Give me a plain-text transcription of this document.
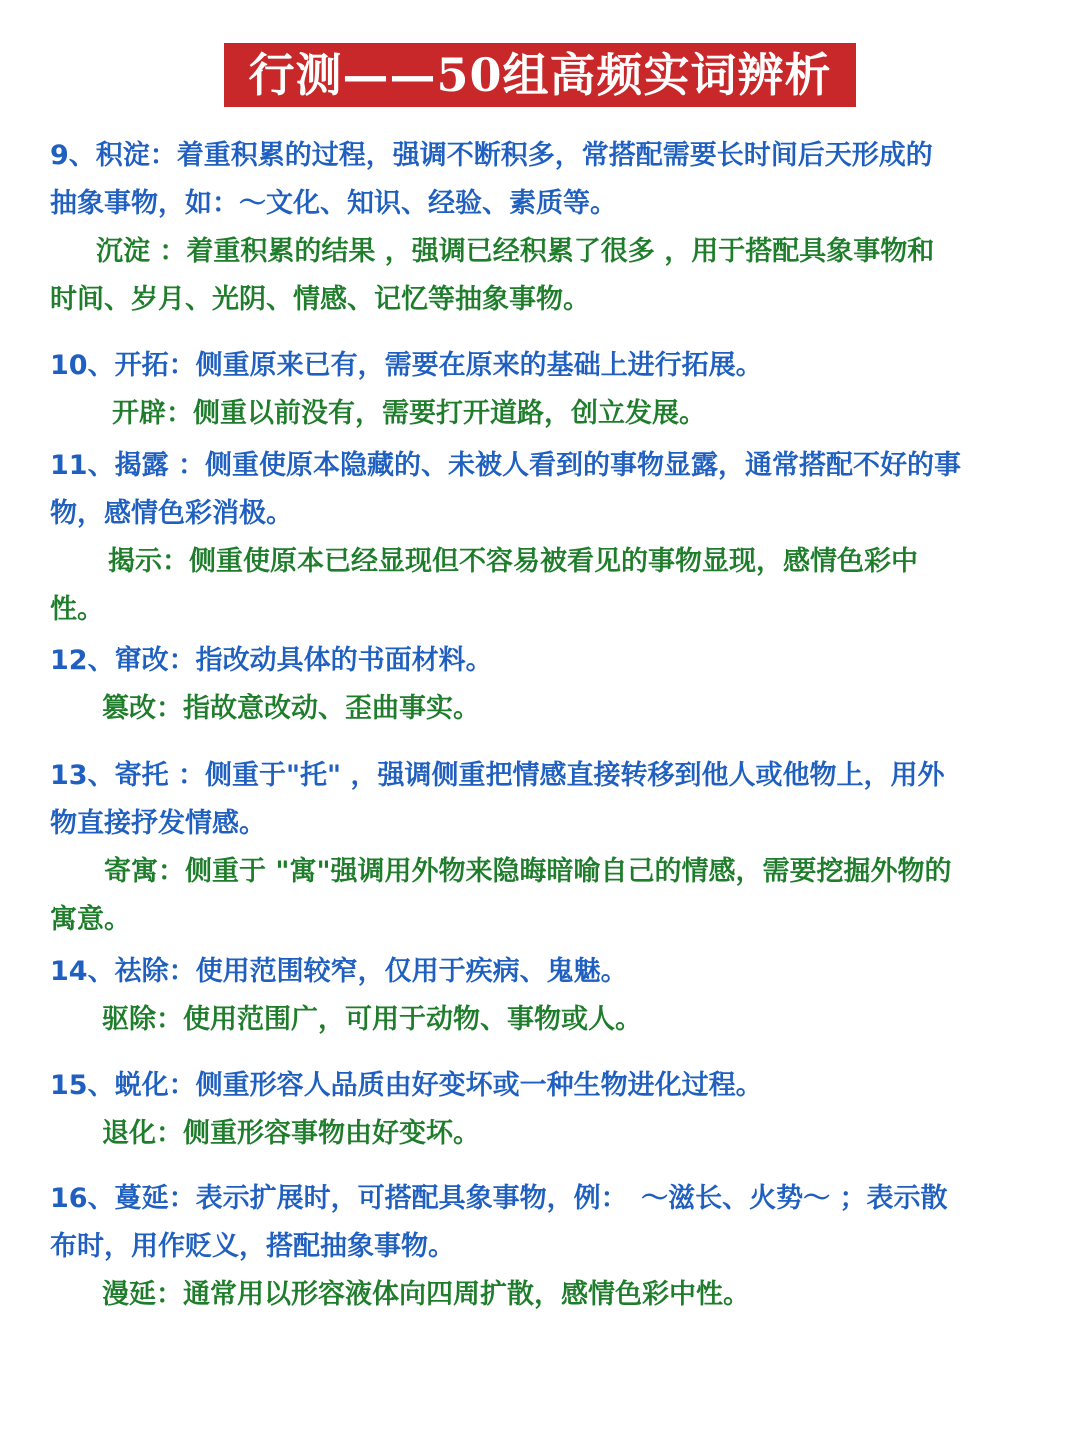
行测——50组高频实词辨析
9、积淀：着重积累的过程，强调不断积多，常搭配需要长时间后天形成的
抽象事物，如：～文化、知识、经验、素质等。
沉淀 ：着重积累的结果 ，强调已经积累了很多 ，用于搭配具象事物和
时间、岁月、光阴、情感、记忆等抽象事物。
10、开拓：侧重原来已有，需要在原来的基础上进行拓展。
开辟：侧重以前没有，需要打开道路，创立发展。
11、揭露 ：侧重使原本隐藏的、未被人看到的事物显露，通常搭配不好的事
物，感情色彩消极。
揭示：侧重使原本已经显现但不容易被看见的事物显现，感情色彩中
性。
12、窜改：指改动具体的书面材料。
篡改：指故意改动、歪曲事实。
13、寄托 ：侧重于"托" ，强调侧重把情感直接转移到他人或他物上，用外
物直接抒发情感。
寄寓：侧重于 "寓"强调用外物来隐晦暗喻自己的情感，需要挖掘外物的
寓意。
14、祛除：使用范围较窄，仅用于疾病、鬼魅。
驱除：使用范围广，可用于动物、事物或人。
15、蜕化：侧重形容人品质由好变坏或一种生物进化过程。
退化：侧重形容事物由好变坏。
16、蔓延：表示扩展时，可搭配具象事物，例：　～滋长、火势～ ；表示散
布时，用作贬义，搭配抽象事物。
漫延：通常用以形容液体向四周扩散，感情色彩中性。
